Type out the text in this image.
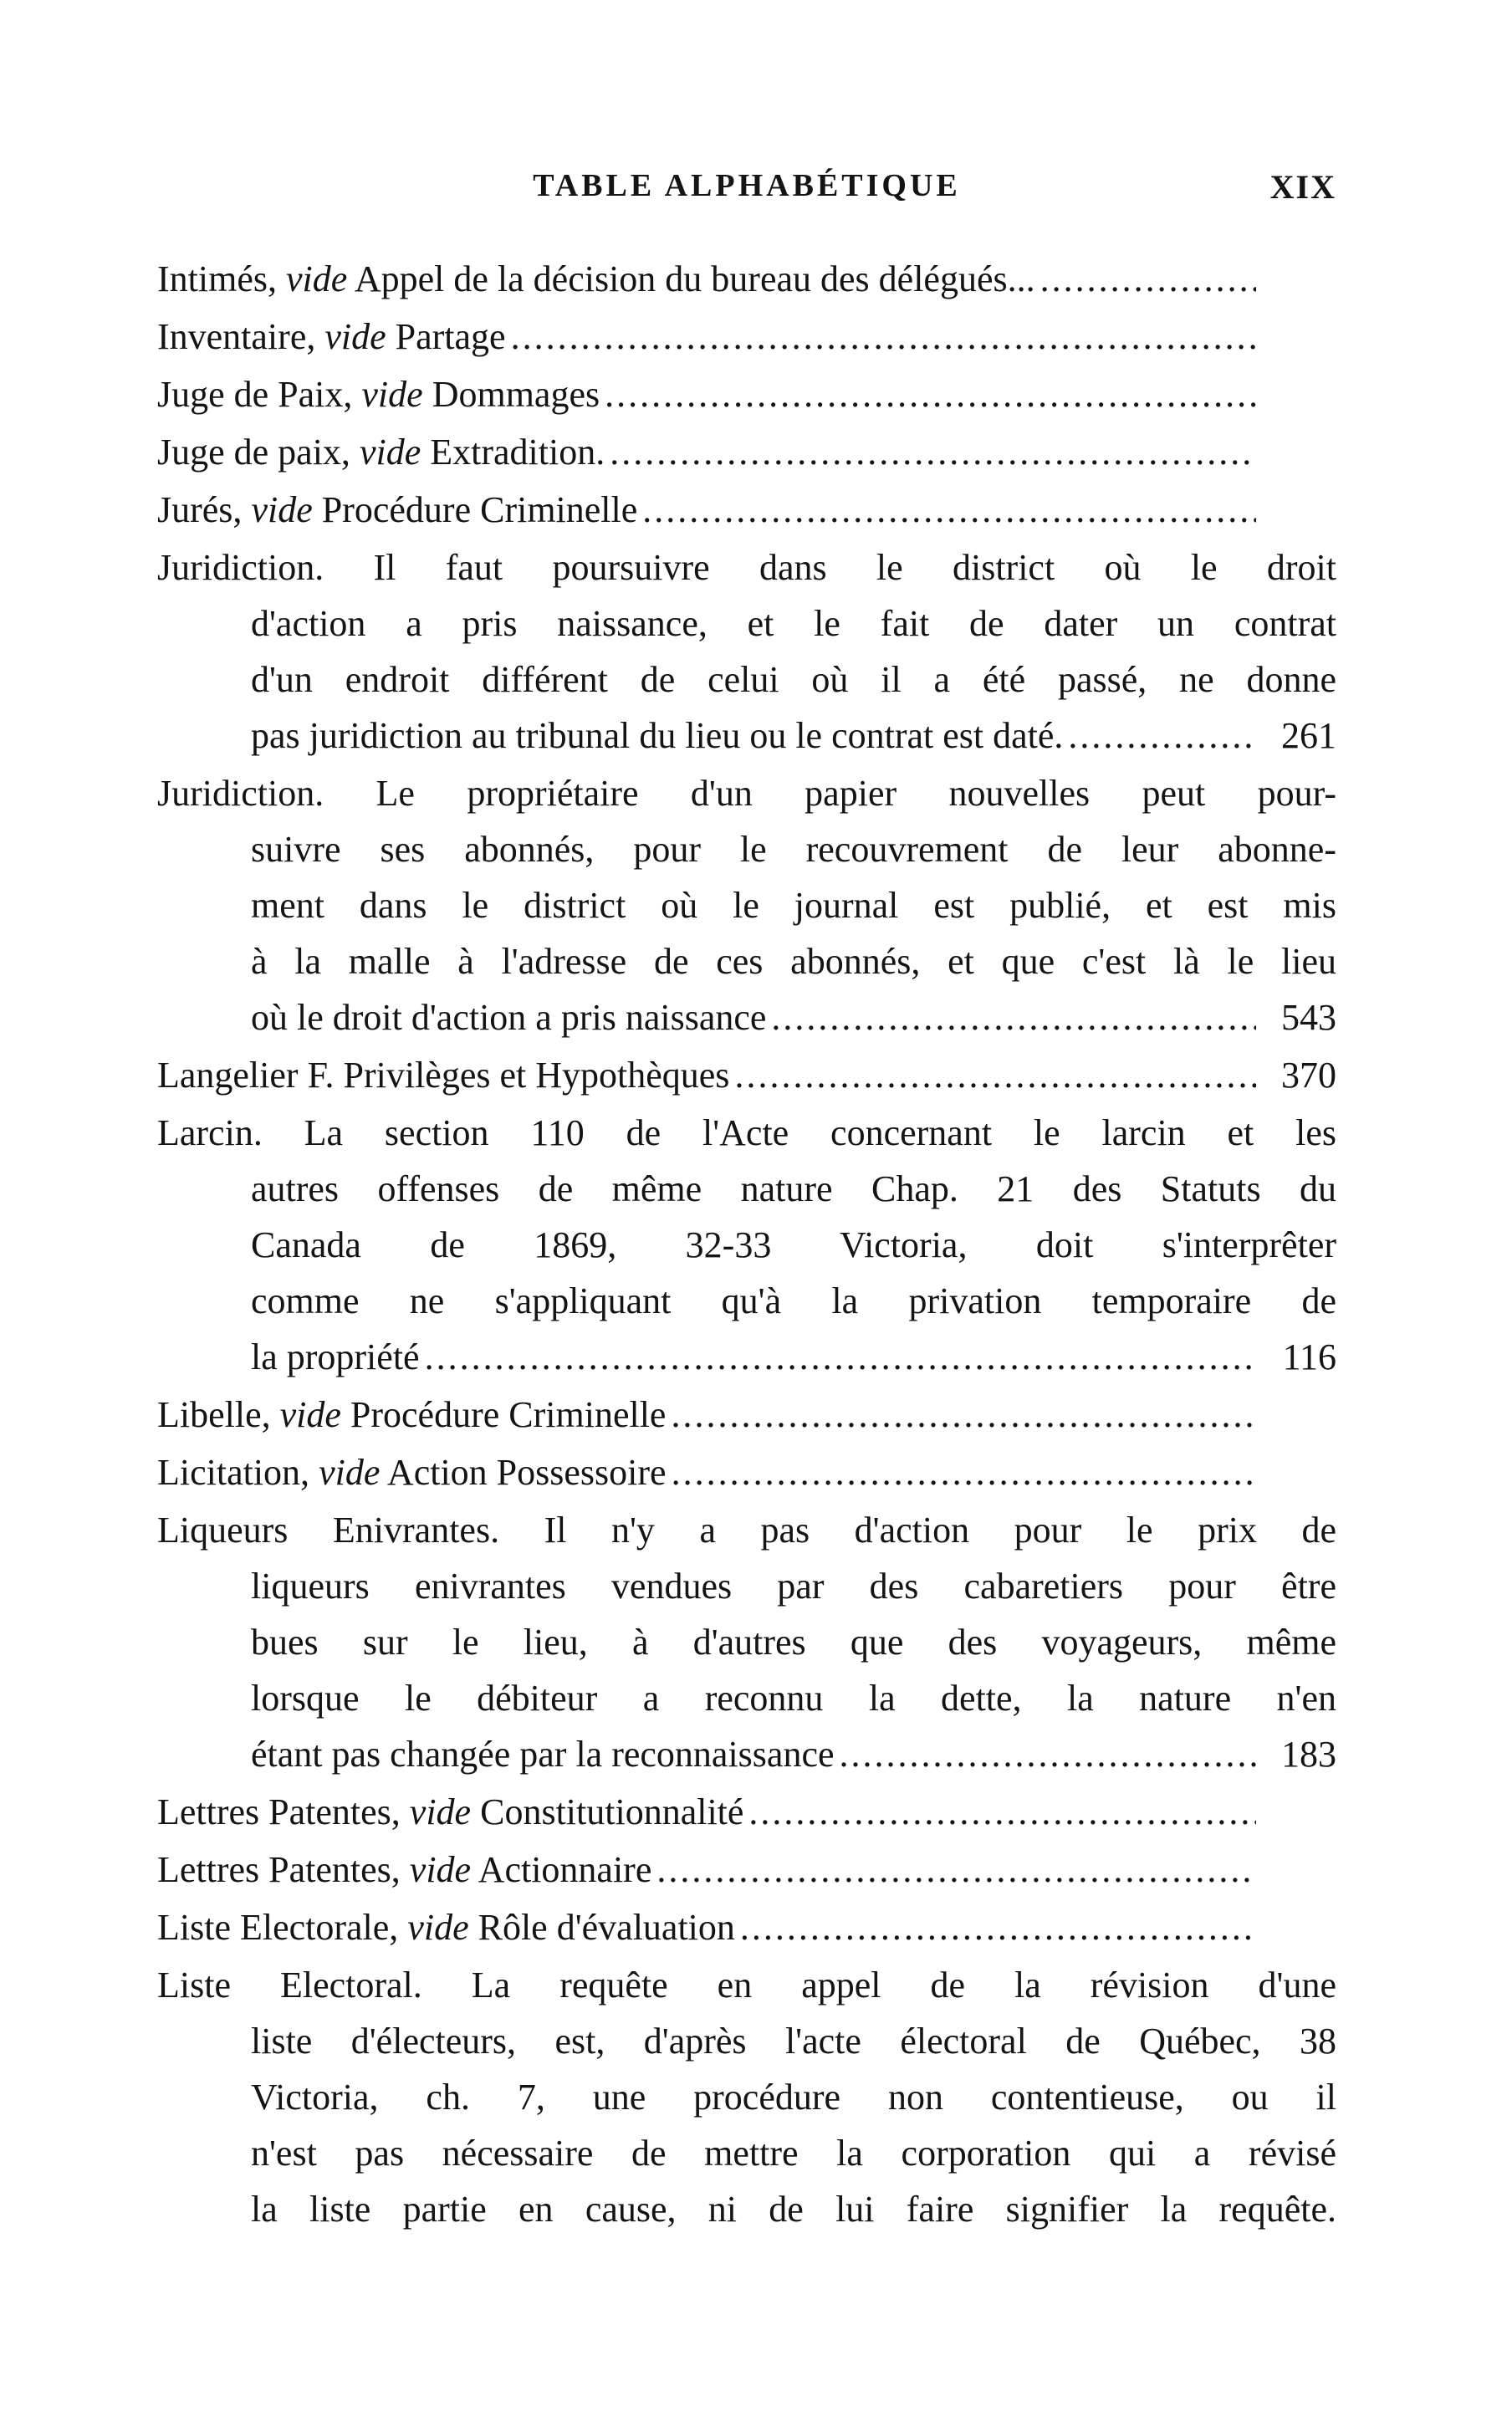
TABLE ALPHABÉTIQUE	XIX
Intimés, vide Appel de la décision du bureau des délégués...
.....
Inventaire, vide Partage
.....
Juge de Paix, vide Dommages
.....
Juge de paix, vide Extradition.
.....
Jurés, vide Procédure Criminelle
.....
Juridiction. Il faut poursuivre dans le district où le droit
d'action a pris naissance, et le fait de dater un contrat
d'un endroit différent de celui où il a été passé, ne donne
pas juridiction au tribunal du lieu ou le contrat est daté. .....	261
Juridiction. Le propriétaire d'un papier nouvelles peut pour-
suivre ses abonnés, pour le recouvrement de leur abonne-
ment dans le district où le journal est publié, et est mis
à la malle à l'adresse de ces abonnés, et que c'est là le lieu
où le droit d'action a pris naissance .....	543
Langelier F. Privilèges et Hypothèques .....	370
Larcin. La section 110 de l'Acte concernant le larcin et les
autres offenses de même nature Chap. 21 des Statuts du
Canada de 1869, 32-33 Victoria, doit s'interprêter
comme ne s'appliquant qu'à la privation temporaire de
la propriété .....	116
Libelle, vide Procédure Criminelle
.....
Licitation, vide Action Possessoire
.....
Liqueurs Enivrantes. Il n'y a pas d'action pour le prix de
liqueurs enivrantes vendues par des cabaretiers pour être
bues sur le lieu, à d'autres que des voyageurs, même
lorsque le débiteur a reconnu la dette, la nature n'en
étant pas changée par la reconnaissance .....	183
Lettres Patentes, vide Constitutionnalité
.....
Lettres Patentes, vide Actionnaire
.....
Liste Electorale, vide Rôle d'évaluation
.....
Liste Electoral. La requête en appel de la révision d'une
liste d'électeurs, est, d'après l'acte électoral de Québec, 38
Victoria, ch. 7, une procédure non contentieuse, ou il
n'est pas nécessaire de mettre la corporation qui a révisé
la liste partie en cause, ni de lui faire signifier la requête.
